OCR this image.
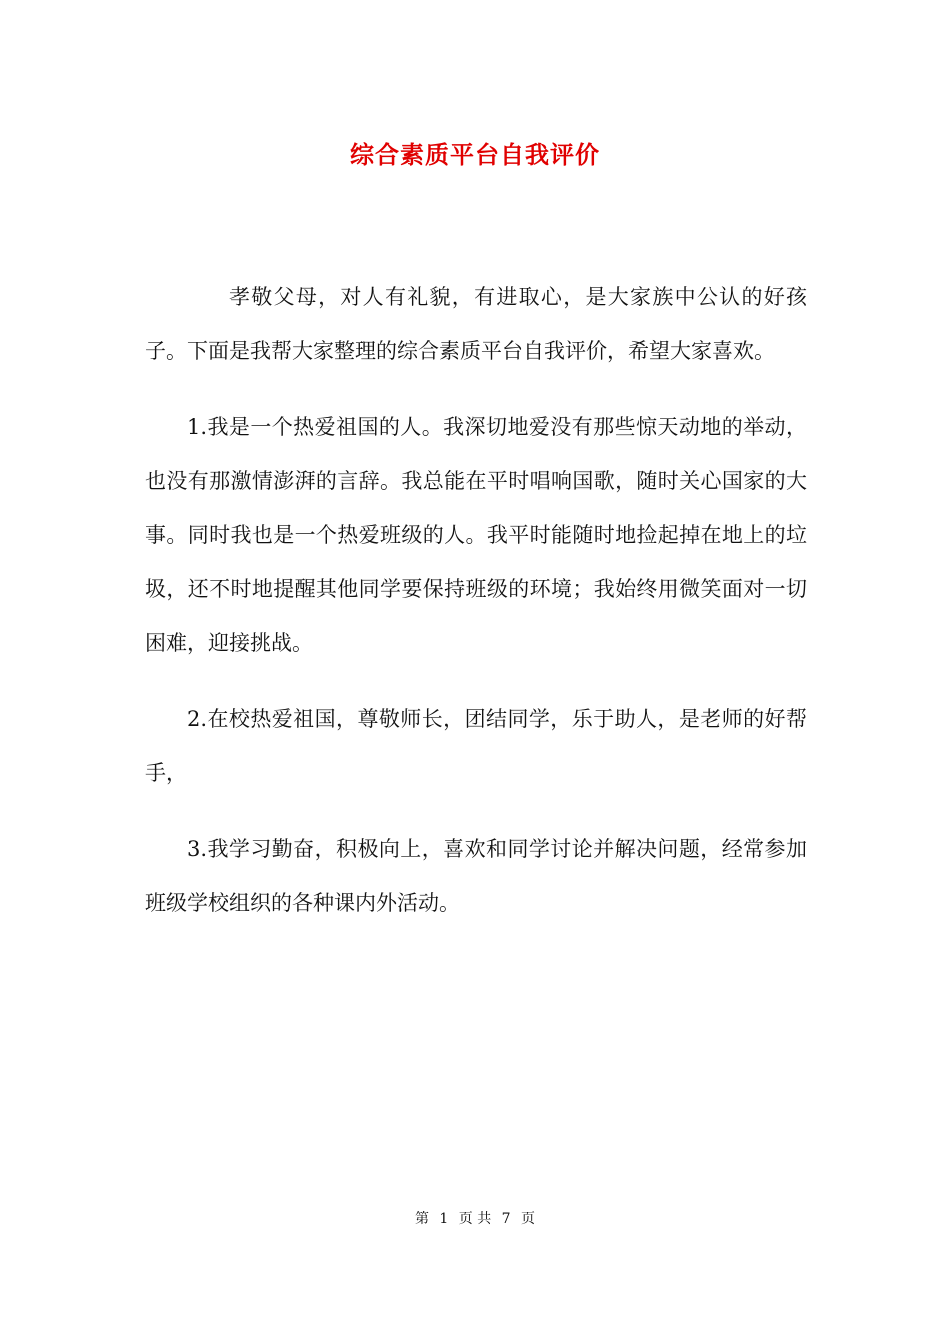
综合素质平台自我评价

孝敬父母，对人有礼貌，有进取心，是大家族中公认的好孩子。下面是我帮大家整理的综合素质平台自我评价，希望大家喜欢。

1.我是一个热爱祖国的人。我深切地爱没有那些惊天动地的举动，也没有那激情澎湃的言辞。我总能在平时唱响国歌，随时关心国家的大事。同时我也是一个热爱班级的人。我平时能随时地捡起掉在地上的垃圾，还不时地提醒其他同学要保持班级的环境；我始终用微笑面对一切困难，迎接挑战。

2.在校热爱祖国，尊敬师长，团结同学，乐于助人，是老师的好帮手，

3.我学习勤奋，积极向上，喜欢和同学讨论并解决问题，经常参加班级学校组织的各种课内外活动。

第 1 页 共 7 页
